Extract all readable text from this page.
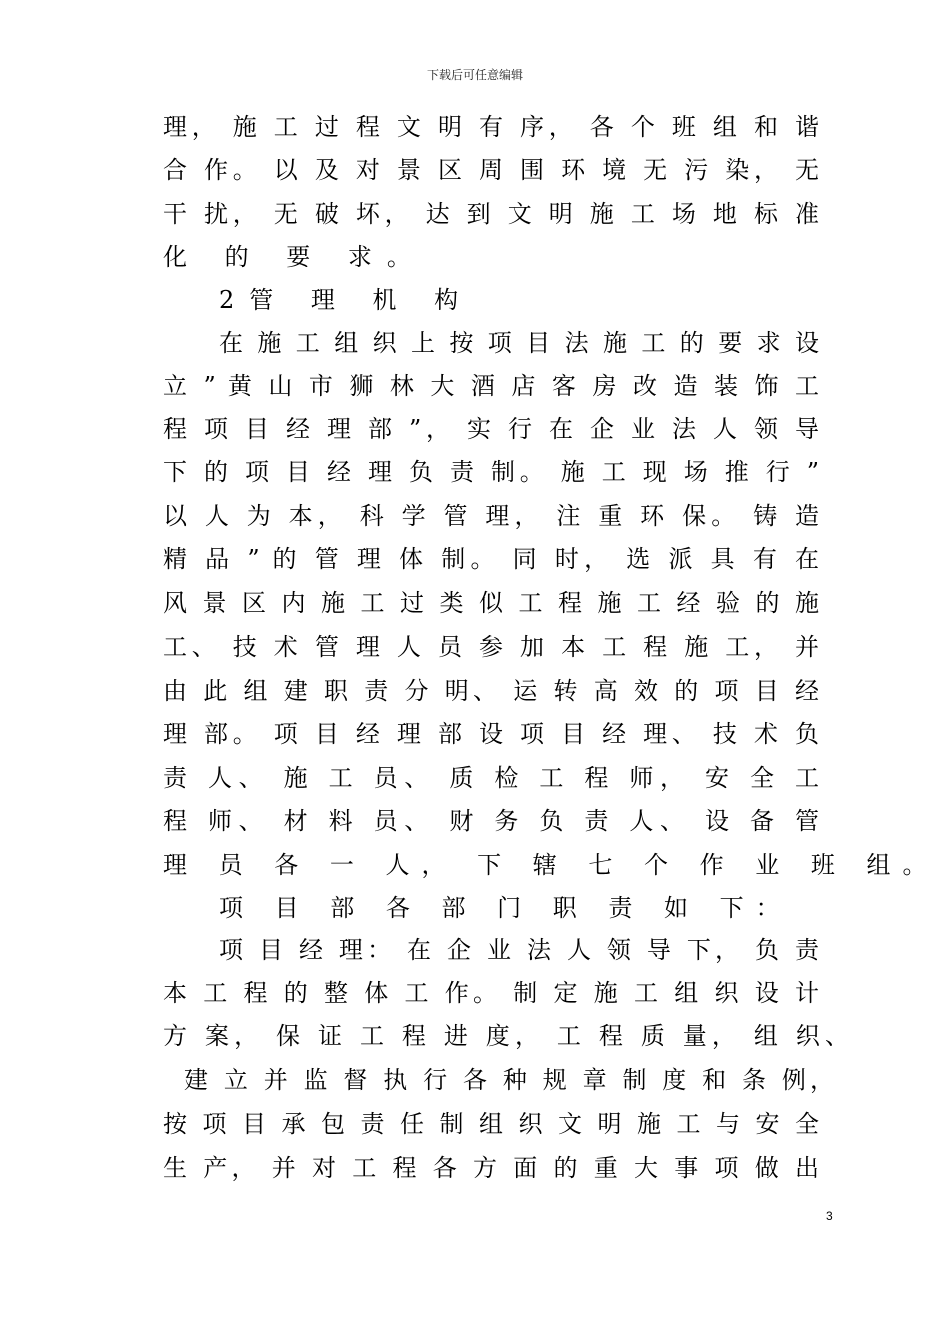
下载后可任意编辑
理， 施 工 过 程 文 明 有 序， 各 个 班 组 和 谐
合 作。 以 及 对 景 区 周 围 环 境 无 污 染， 无
干 扰， 无 破 坏， 达 到 文 明 施 工 场 地 标 准
化 的 要 求。
2管 理 机 构
在 施 工 组 织 上 按 项 目 法 施 工 的 要 求 设
立 ” 黄 山 市 狮 林 大 酒 店 客 房 改 造 装 饰 工
程 项 目 经 理 部 ”， 实 行 在 企 业 法 人 领 导
下 的 项 目 经 理 负 责 制。 施 工 现 场 推 行 ”
以 人 为 本， 科 学 管 理， 注 重 环 保。 铸 造
精 品 ” 的 管 理 体 制。 同 时， 选 派 具 有 在
风 景 区 内 施 工 过 类 似 工 程 施 工 经 验 的 施
工、 技 术 管 理 人 员 参 加 本 工 程 施 工， 并
由 此 组 建 职 责 分 明、 运 转 高 效 的 项 目 经
理 部。 项 目 经 理 部 设 项 目 经 理、 技 术 负
责 人、 施 工 员、 质 检 工 程 师， 安 全 工
程 师、 材 料 员、 财 务 负 责 人、 设 备 管
理 员 各 一 人， 下 辖 七 个 作 业 班 组。
项 目 部 各 部 门 职 责 如 下：
项 目 经 理： 在 企 业 法 人 领 导 下， 负 责
本 工 程 的 整 体 工 作。 制 定 施 工 组 织 设 计
方 案， 保 证 工 程 进 度， 工 程 质 量， 组 织、
建 立 并 监 督 执 行 各 种 规 章 制 度 和 条 例，
按 项 目 承 包 责 任 制 组 织 文 明 施 工 与 安 全
生 产， 并 对 工 程 各 方 面 的 重 大 事 项 做 出
3
